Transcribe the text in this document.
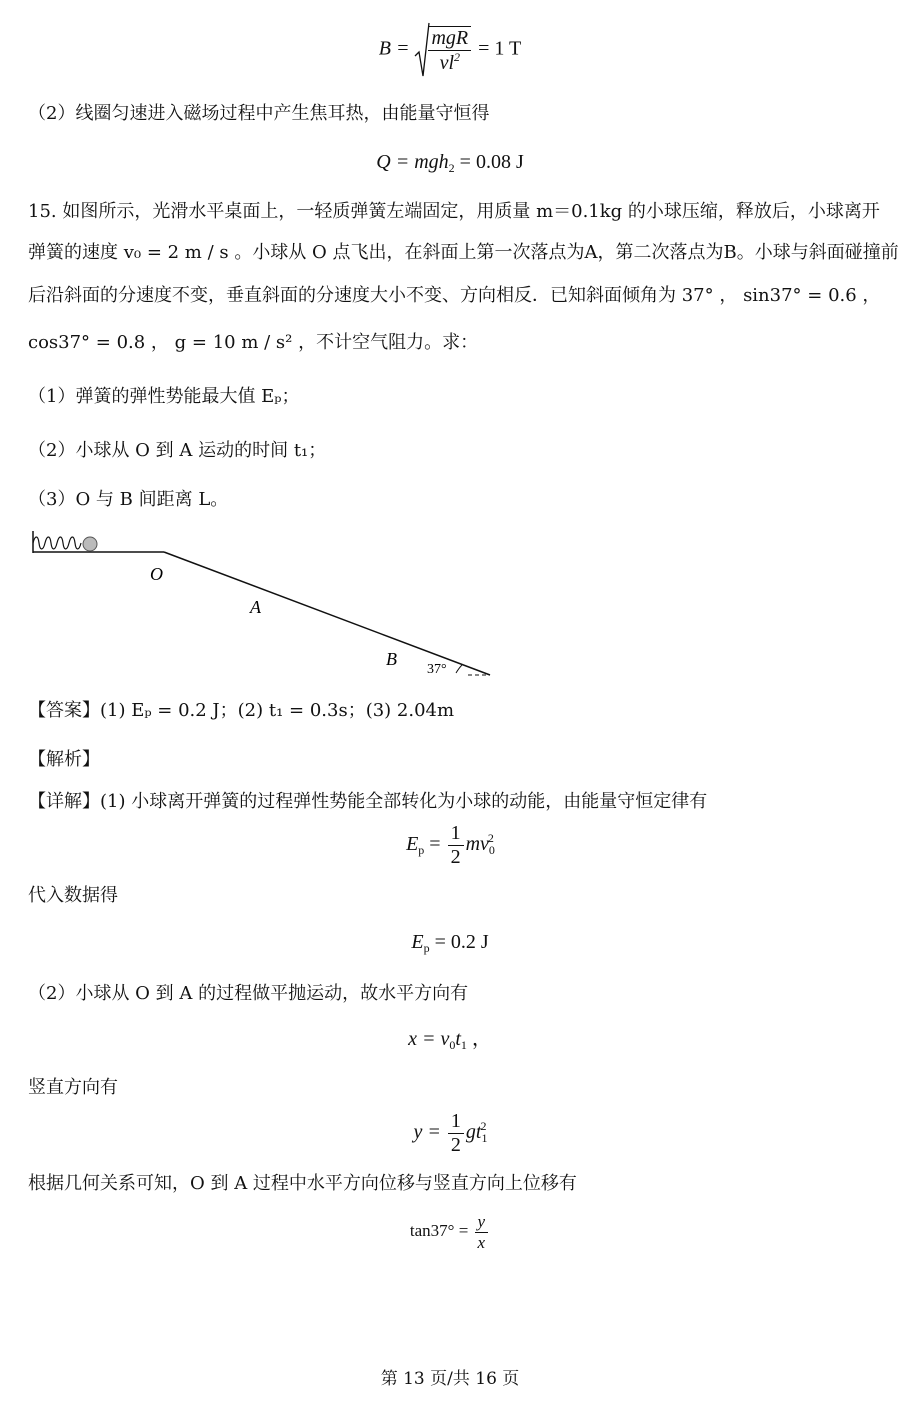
$B = \frac{\text{mgR}}{vl^2} = 1$ T
（2）线圈匀速进入磁场过程中产生焦耳热，由能量守恒得
Q = mgh$_2$ = 0.08 J
15. 如图所示，光滑水平桌面上，一轻质弹簧左端固定，用质量 m＝0.1kg 的小球压缩，释放后，小球离开
弹簧的速度 v₀ = 2 m / s 。小球从 O 点飞出，在斜面上第一次落点为A，第二次落点为B。小球与斜面碰撞前
后沿斜面的分速度不变，垂直斜面的分速度大小不变、方向相反．已知斜面倾角为 37° ， sin37° = 0.6 ，
cos37° = 0.8 ， g = 10 m / s² ，不计空气阻力。求：
（1）弹簧的弹性势能最大值 Eₚ；
（2）小球从 O 到 A 运动的时间 t₁；
（3）O 与 B 间距离 L。
O
A
B
37°
【答案】(1) Eₚ = 0.2 J；(2) t₁ = 0.3s；(3) 2.04m
【解析】
【详解】(1) 小球离开弹簧的过程弹性势能全部转化为小球的动能，由能量守恒定律有
$E_p = \frac{1}{2} mv_0^2$
代入数据得
$E_p = 0.2$ J
（2）小球从 O 到 A 的过程做平抛运动，故水平方向有
$x = v_0t_1$ ，
竖直方向有
$y = \frac{1}{2} gt_1^2$
根据几何关系可知，O 到 A 过程中水平方向位移与竖直方向上位移有
$\tan 37^\circ = \frac{y}{x}$
第 13 页/共 16 页
